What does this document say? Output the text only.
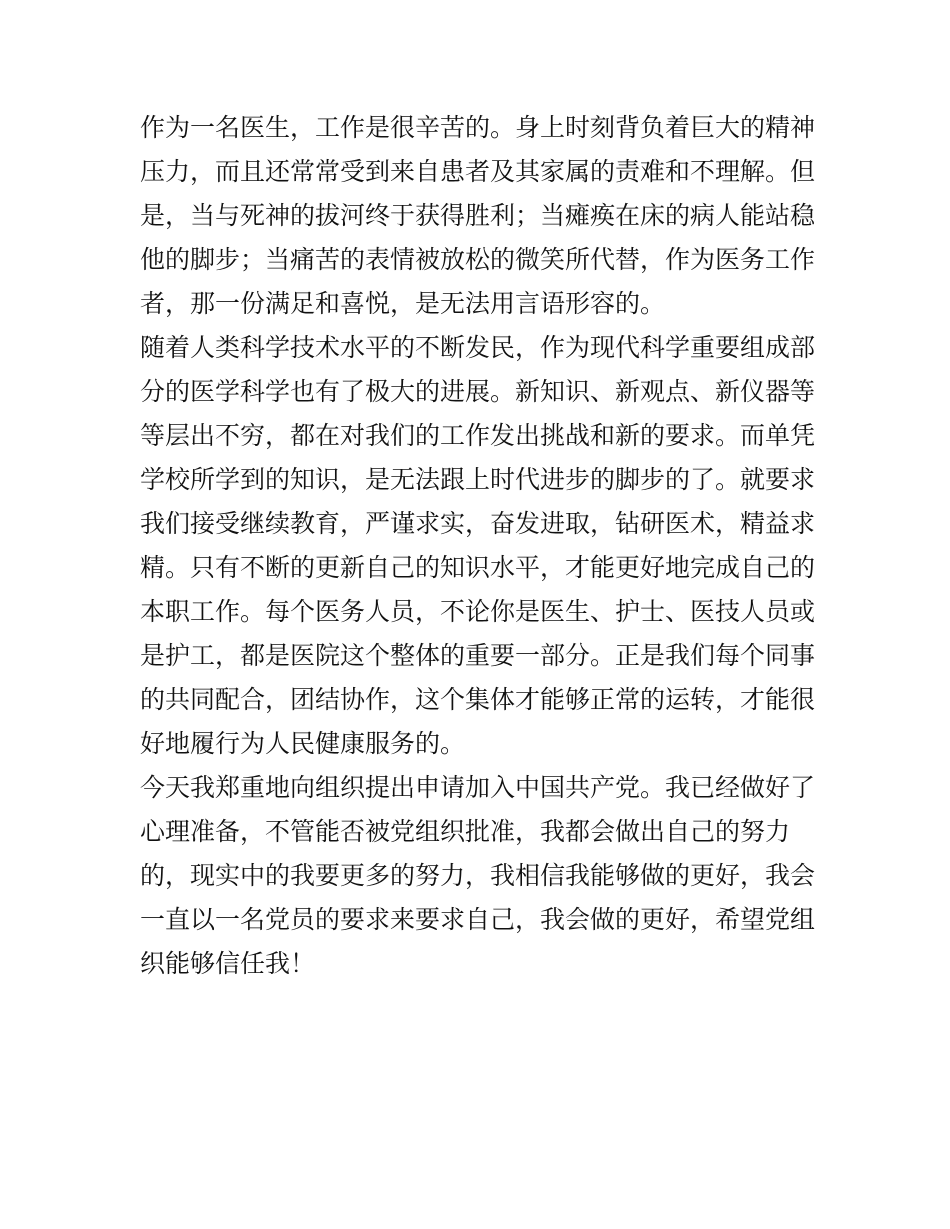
作为一名医生，工作是很辛苦的。身上时刻背负着巨大的精神
压力，而且还常常受到来自患者及其家属的责难和不理解。但
是，当与死神的拔河终于获得胜利；当瘫痪在床的病人能站稳
他的脚步；当痛苦的表情被放松的微笑所代替，作为医务工作
者，那一份满足和喜悦，是无法用言语形容的。
随着人类科学技术水平的不断发民，作为现代科学重要组成部
分的医学科学也有了极大的进展。新知识、新观点、新仪器等
等层出不穷，都在对我们的工作发出挑战和新的要求。而单凭
学校所学到的知识，是无法跟上时代进步的脚步的了。就要求
我们接受继续教育，严谨求实，奋发进取，钻研医术，精益求
精。只有不断的更新自己的知识水平，才能更好地完成自己的
本职工作。每个医务人员，不论你是医生、护士、医技人员或
是护工，都是医院这个整体的重要一部分。正是我们每个同事
的共同配合，团结协作，这个集体才能够正常的运转，才能很
好地履行为人民健康服务的。
今天我郑重地向组织提出申请加入中国共产党。我已经做好了
心理准备，不管能否被党组织批准，我都会做出自己的努力
的，现实中的我要更多的努力，我相信我能够做的更好，我会
一直以一名党员的要求来要求自己，我会做的更好，希望党组
织能够信任我！
